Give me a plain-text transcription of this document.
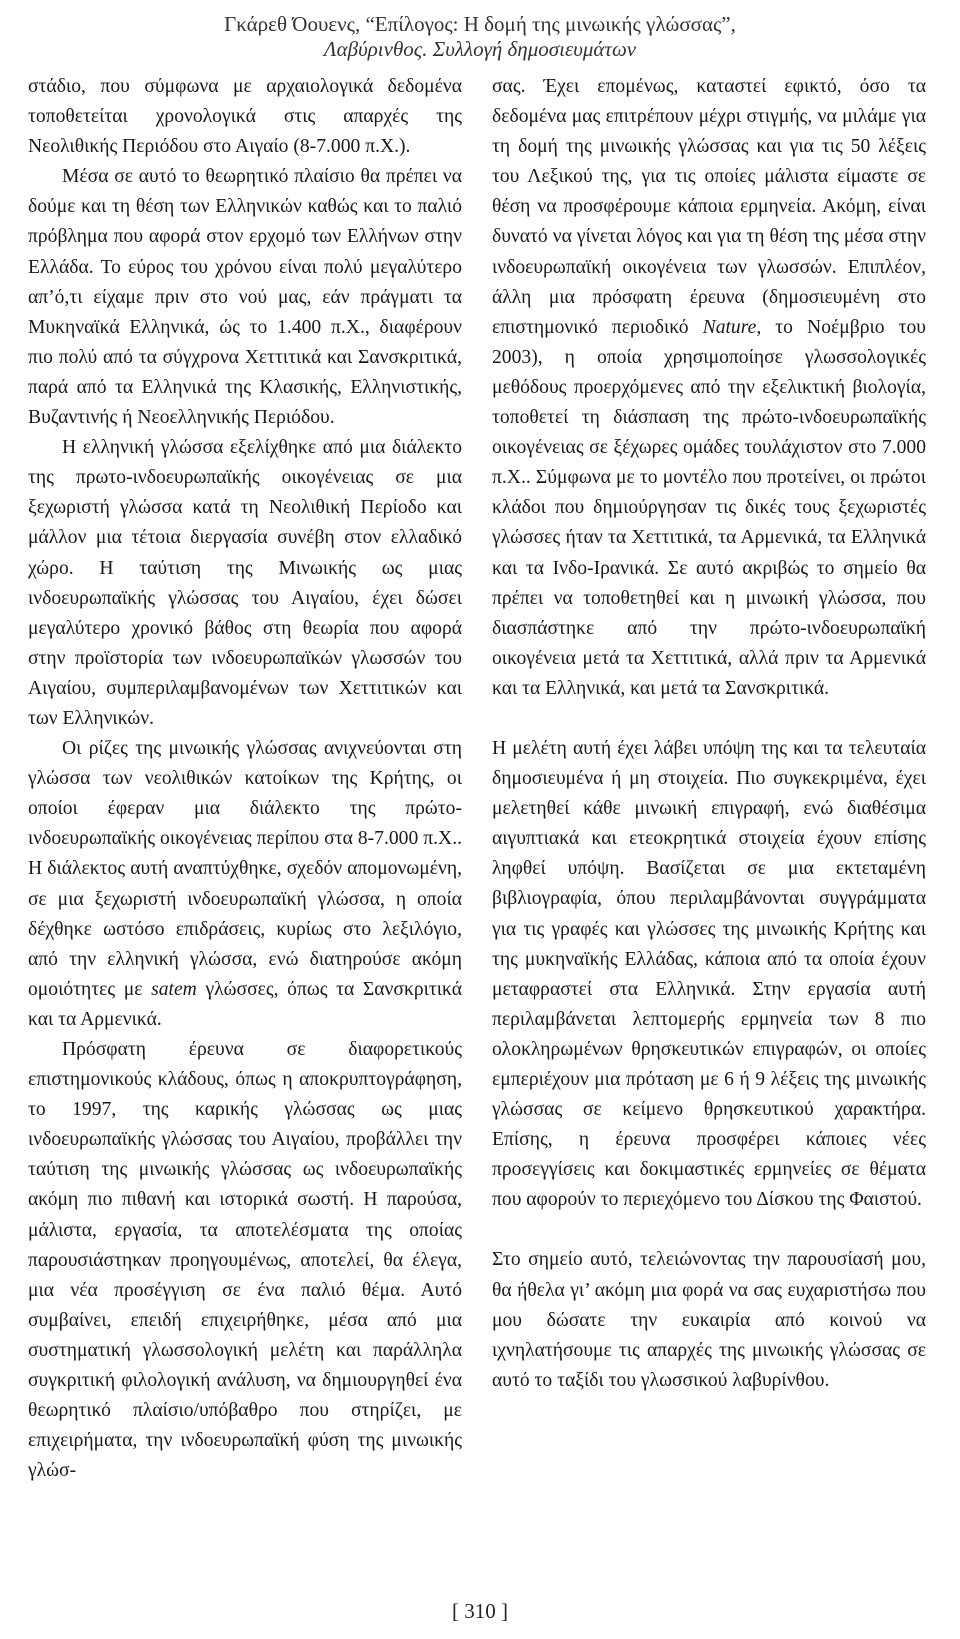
Γκάρεθ Όουενς, “Επίλογος: Η δομή της μινωικής γλώσσας”,
Λαβύρινθος. Συλλογή δημοσιευμάτων

στάδιο, που σύμφωνα με αρχαιολογικά δεδομένα τοποθετείται χρονολογικά στις απαρχές της Νεολιθικής Περιόδου στο Αιγαίο (8-7.000 π.Χ.).

Μέσα σε αυτό το θεωρητικό πλαίσιο θα πρέπει να δούμε και τη θέση των Ελληνικών καθώς και το παλιό πρόβλημα που αφορά στον ερχομό των Ελλήνων στην Ελλάδα. Το εύρος του χρόνου είναι πολύ μεγαλύτερο απ’ό,τι είχαμε πριν στο νού μας, εάν πράγματι τα Μυκηναϊκά Ελληνικά, ώς το 1.400 π.Χ., διαφέρουν πιο πολύ από τα σύγχρονα Χεττιτικά και Σανσκριτικά, παρά από τα Ελληνικά της Κλασικής, Ελληνιστικής, Βυζαντινής ή Νεοελληνικής Περιόδου.

Η ελληνική γλώσσα εξελίχθηκε από μια διάλεκτο της πρωτο-ινδοευρωπαϊκής οικογένειας σε μια ξεχωριστή γλώσσα κατά τη Νεολιθική Περίοδο και μάλλον μια τέτοια διεργασία συνέβη στον ελλαδικό χώρο. Η ταύτιση της Μινωικής ως μιας ινδοευρωπαϊκής γλώσσας του Αιγαίου, έχει δώσει μεγαλύτερο χρονικό βάθος στη θεωρία που αφορά στην προϊστορία των ινδοευρωπαϊκών γλωσσών του Αιγαίου, συμπεριλαμβανομένων των Χεττιτικών και των Ελληνικών.

Οι ρίζες της μινωικής γλώσσας ανιχνεύονται στη γλώσσα των νεολιθικών κατοίκων της Κρήτης, οι οποίοι έφεραν μια διάλεκτο της πρώτο-ινδοευρωπαϊκής οικογένειας περίπου στα 8-7.000 π.Χ.. Η διάλεκτος αυτή αναπτύχθηκε, σχεδόν απομονωμένη, σε μια ξεχωριστή ινδοευρωπαϊκή γλώσσα, η οποία δέχθηκε ωστόσο επιδράσεις, κυρίως στο λεξιλόγιο, από την ελληνική γλώσσα, ενώ διατηρούσε ακόμη ομοιότητες με satem γλώσσες, όπως τα Σανσκριτικά και τα Αρμενικά.

Πρόσφατη έρευνα σε διαφορετικούς επιστημονικούς κλάδους, όπως η αποκρυπτογράφηση, το 1997, της καρικής γλώσσας ως μιας ινδοευρωπαϊκής γλώσσας του Αιγαίου, προβάλλει την ταύτιση της μινωικής γλώσσας ως ινδοευρωπαϊκής ακόμη πιο πιθανή και ιστορικά σωστή. Η παρούσα, μάλιστα, εργασία, τα αποτελέσματα της οποίας παρουσιάστηκαν προηγουμένως, αποτελεί, θα έλεγα, μια νέα προσέγγιση σε ένα παλιό θέμα. Αυτό συμβαίνει, επειδή επιχειρήθηκε, μέσα από μια συστηματική γλωσσολογική μελέτη και παράλληλα συγκριτική φιλολογική ανάλυση, να δημιουργηθεί ένα θεωρητικό πλαίσιο/υπόβαθρο που στηρίζει, με επιχειρήματα, την ινδοευρωπαϊκή φύση της μινωικής γλώσ-

σας. Έχει επομένως, καταστεί εφικτό, όσο τα δεδομένα μας επιτρέπουν μέχρι στιγμής, να μιλάμε για τη δομή της μινωικής γλώσσας και για τις 50 λέξεις του Λεξικού της, για τις οποίες μάλιστα είμαστε σε θέση να προσφέρουμε κάποια ερμηνεία. Ακόμη, είναι δυνατό να γίνεται λόγος και για τη θέση της μέσα στην ινδοευρωπαϊκή οικογένεια των γλωσσών. Επιπλέον, άλλη μια πρόσφατη έρευνα (δημοσιευμένη στο επιστημονικό περιοδικό Nature, το Νοέμβριο του 2003), η οποία χρησιμοποίησε γλωσσολογικές μεθόδους προερχόμενες από την εξελικτική βιολογία, τοποθετεί τη διάσπαση της πρώτο-ινδοευρωπαϊκής οικογένειας σε ξέχωρες ομάδες τουλάχιστον στο 7.000 π.Χ.. Σύμφωνα με το μοντέλο που προτείνει, οι πρώτοι κλάδοι που δημιούργησαν τις δικές τους ξεχωριστές γλώσσες ήταν τα Χεττιτικά, τα Αρμενικά, τα Ελληνικά και τα Ινδο-Ιρανικά. Σε αυτό ακριβώς το σημείο θα πρέπει να τοποθετηθεί και η μινωική γλώσσα, που διασπάστηκε από την πρώτο-ινδοευρωπαϊκή οικογένεια μετά τα Χεττιτικά, αλλά πριν τα Αρμενικά και τα Ελληνικά, και μετά τα Σανσκριτικά.

Η μελέτη αυτή έχει λάβει υπόψη της και τα τελευταία δημοσιευμένα ή μη στοιχεία. Πιο συγκεκριμένα, έχει μελετηθεί κάθε μινωική επιγραφή, ενώ διαθέσιμα αιγυπτιακά και ετεοκρητικά στοιχεία έχουν επίσης ληφθεί υπόψη. Βασίζεται σε μια εκτεταμένη βιβλιογραφία, όπου περιλαμβάνονται συγγράμματα για τις γραφές και γλώσσες της μινωικής Κρήτης και της μυκηναϊκής Ελλάδας, κάποια από τα οποία έχουν μεταφραστεί στα Ελληνικά. Στην εργασία αυτή περιλαμβάνεται λεπτομερής ερμηνεία των 8 πιο ολοκληρωμένων θρησκευτικών επιγραφών, οι οποίες εμπεριέχουν μια πρόταση με 6 ή 9 λέξεις της μινωικής γλώσσας σε κείμενο θρησκευτικού χαρακτήρα. Επίσης, η έρευνα προσφέρει κάποιες νέες προσεγγίσεις και δοκιμαστικές ερμηνείες σε θέματα που αφορούν το περιεχόμενο του Δίσκου της Φαιστού.

Στο σημείο αυτό, τελειώνοντας την παρουσίασή μου, θα ήθελα γι’ ακόμη μια φορά να σας ευχαριστήσω που μου δώσατε την ευκαιρία από κοινού να ιχνηλατήσουμε τις απαρχές της μινωικής γλώσσας σε αυτό το ταξίδι του γλωσσικού λαβυρίνθου.

[ 310 ]
